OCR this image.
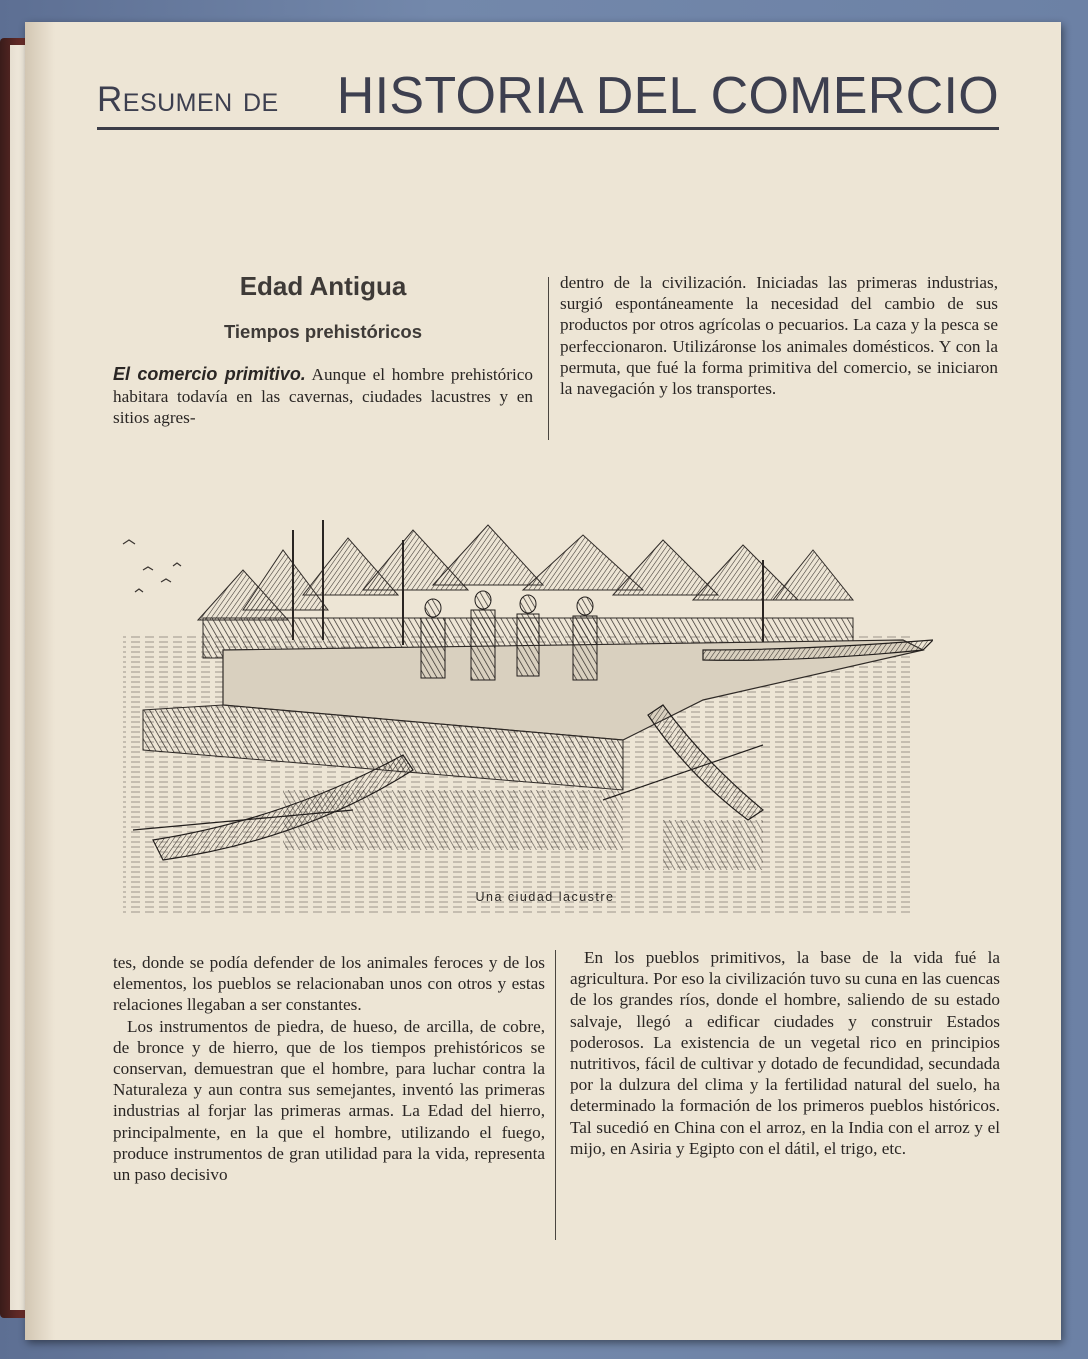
Resumen de HISTORIA DEL COMERCIO
Edad Antigua
Tiempos prehistóricos

El comercio primitivo. Aunque el hombre prehistórico habitara todavía en las cavernas, ciudades lacustres y en sitios agres-

dentro de la civilización. Iniciadas las primeras industrias, surgió espontáneamente la necesidad del cambio de sus productos por otros agrícolas o pecuarios. La caza y la pesca se perfeccionaron. Utilizáronse los animales domésticos. Y con la permuta, que fué la forma primitiva del comercio, se iniciaron la navegación y los transportes.

Una ciudad lacustre

tes, donde se podía defender de los animales feroces y de los elementos, los pueblos se relacionaban unos con otros y estas relaciones llegaban a ser constantes.

Los instrumentos de piedra, de hueso, de arcilla, de cobre, de bronce y de hierro, que de los tiempos prehistóricos se conservan, demuestran que el hombre, para luchar contra la Naturaleza y aun contra sus semejantes, inventó las primeras industrias al forjar las primeras armas. La Edad del hierro, principalmente, en la que el hombre, utilizando el fuego, produce instrumentos de gran utilidad para la vida, representa un paso decisivo

En los pueblos primitivos, la base de la vida fué la agricultura. Por eso la civilización tuvo su cuna en las cuencas de los grandes ríos, donde el hombre, saliendo de su estado salvaje, llegó a edificar ciudades y construir Estados poderosos. La existencia de un vegetal rico en principios nutritivos, fácil de cultivar y dotado de fecundidad, secundada por la dulzura del clima y la fertilidad natural del suelo, ha determinado la formación de los primeros pueblos históricos. Tal sucedió en China con el arroz, en la India con el arroz y el mijo, en Asiria y Egipto con el dátil, el trigo, etc.
